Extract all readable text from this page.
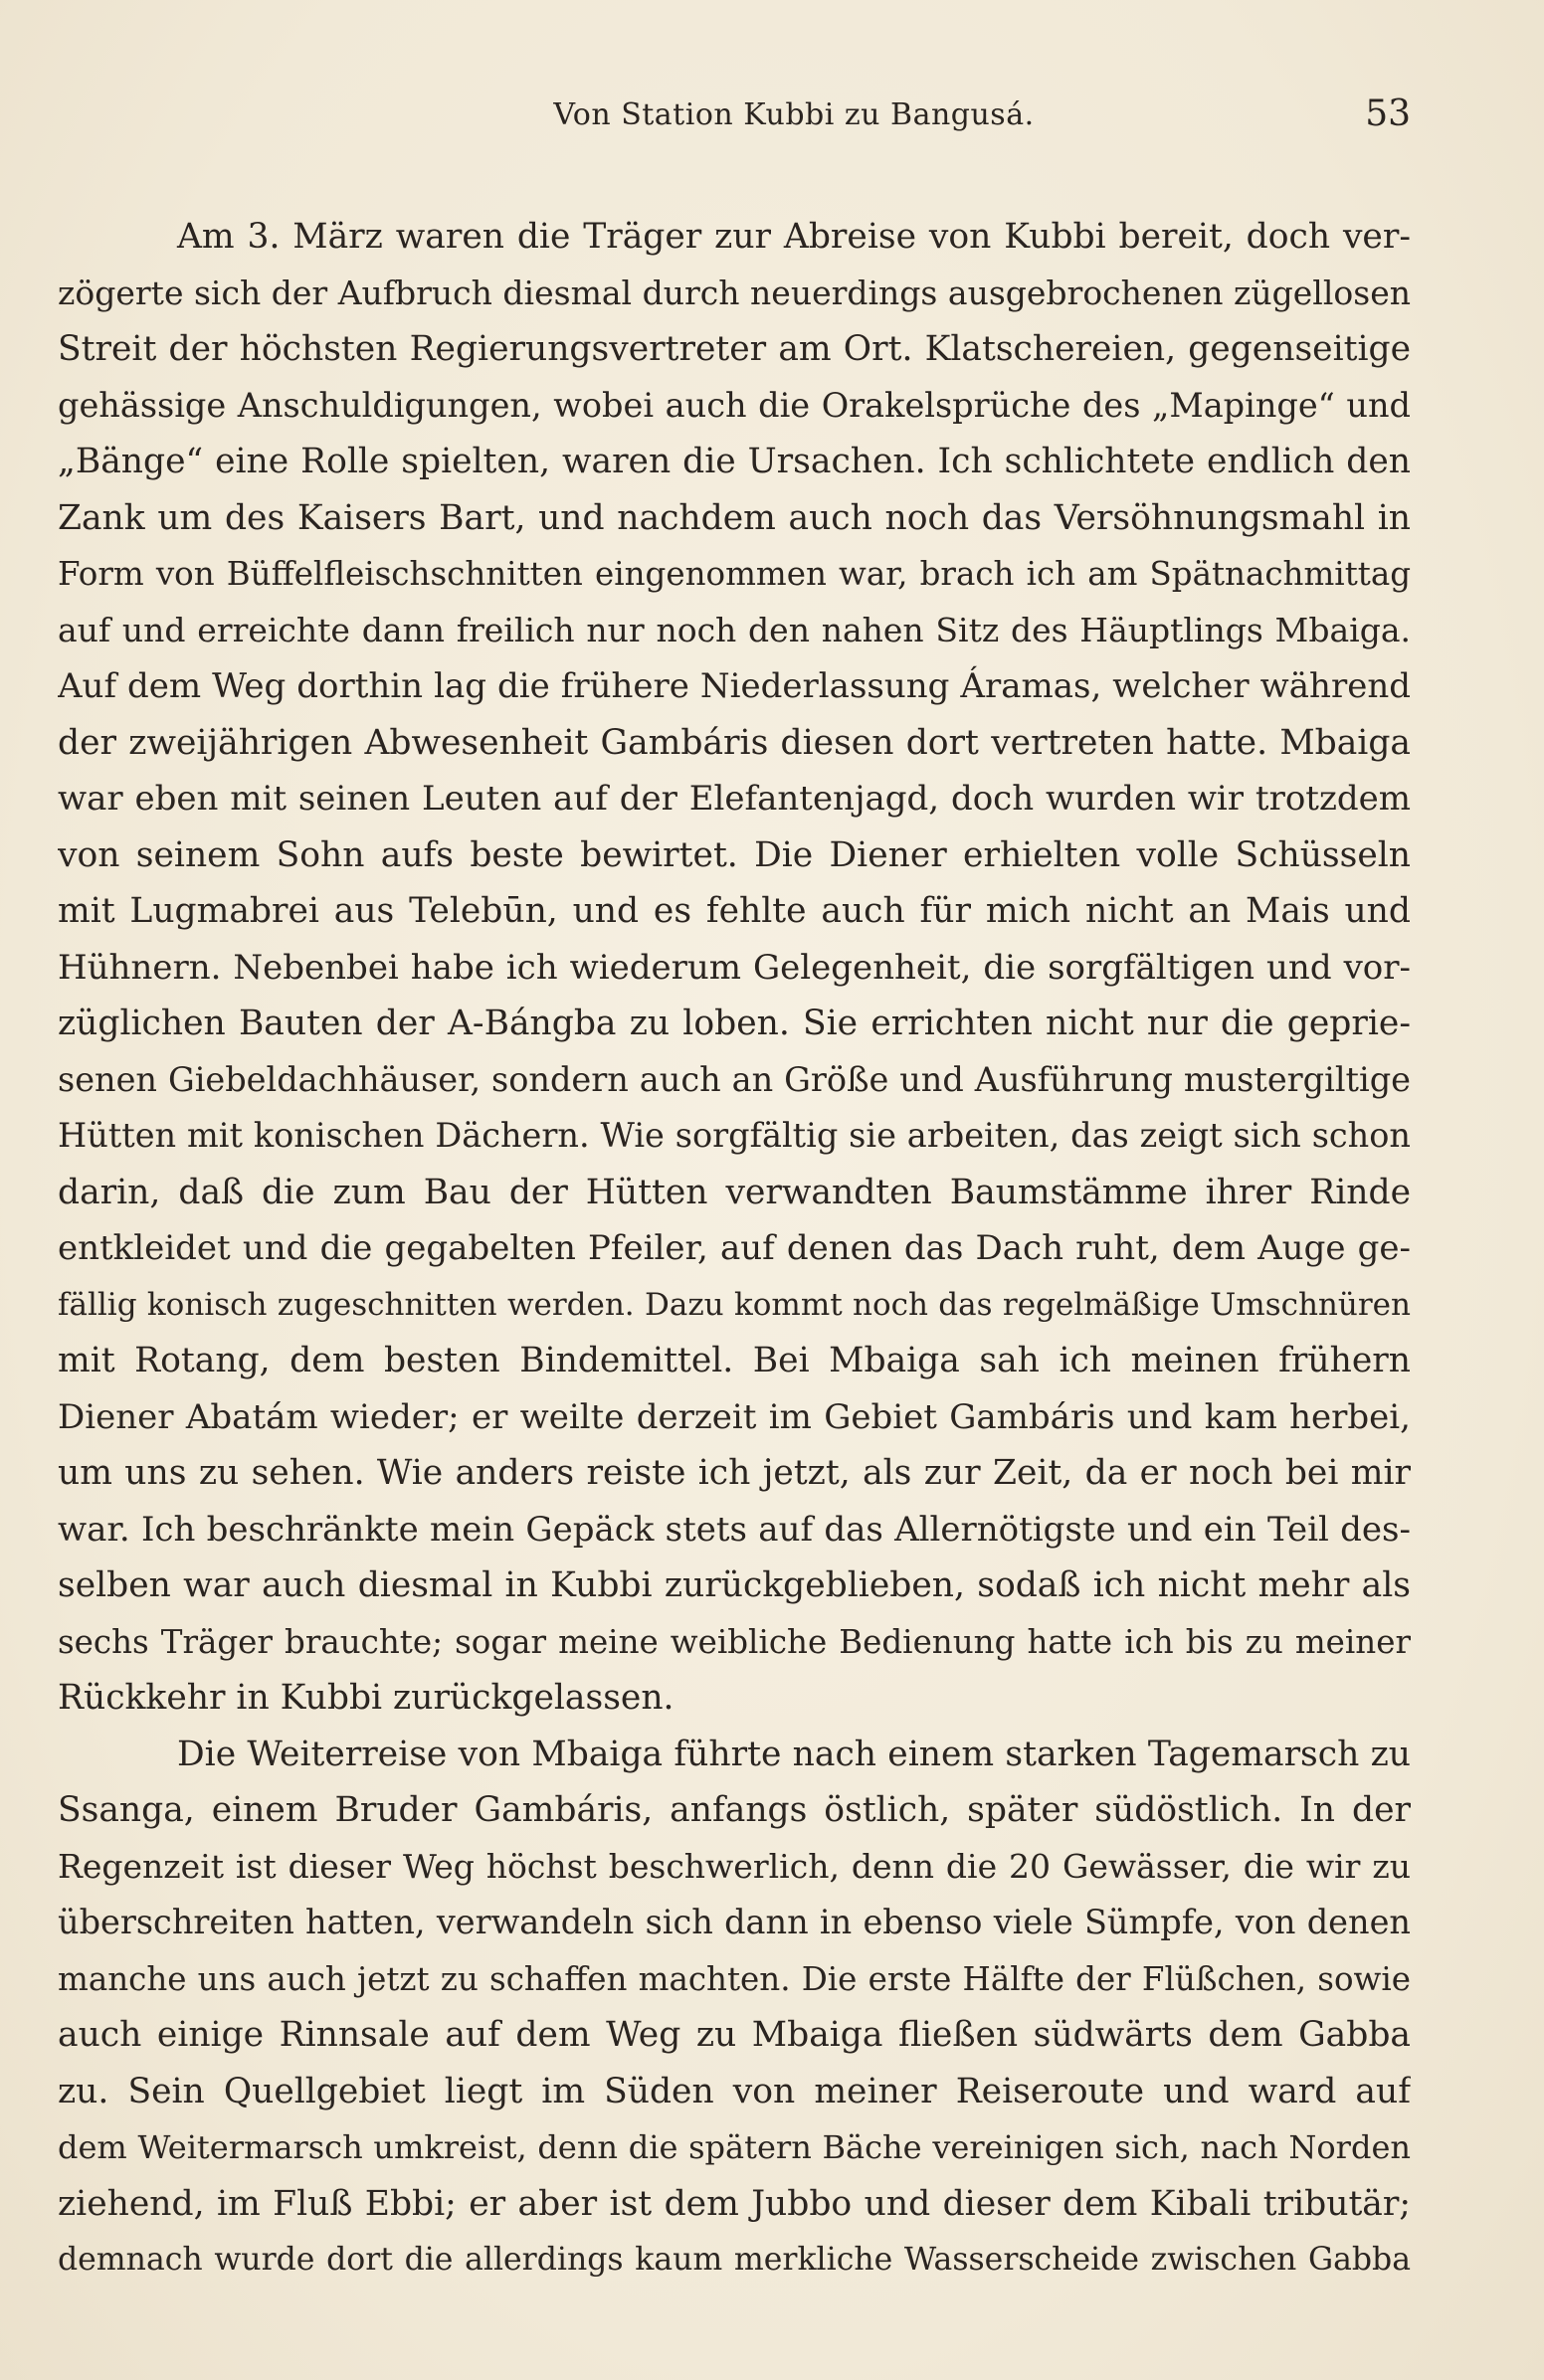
Von Station Kubbi zu Bangusá.	53
Am 3. März waren die Träger zur Abreise von Kubbi bereit, doch ver-
zögerte sich der Aufbruch diesmal durch neuerdings ausgebrochenen zügellosen
Streit der höchsten Regierungsvertreter am Ort. Klatschereien, gegenseitige
gehässige Anschuldigungen, wobei auch die Orakelsprüche des „Mapinge“ und
„Bänge“ eine Rolle spielten, waren die Ursachen. Ich schlichtete endlich den
Zank um des Kaisers Bart, und nachdem auch noch das Versöhnungsmahl in
Form von Büffelfleischschnitten eingenommen war, brach ich am Spätnachmittag
auf und erreichte dann freilich nur noch den nahen Sitz des Häuptlings Mbaiga.
Auf dem Weg dorthin lag die frühere Niederlassung Áramas, welcher während
der zweijährigen Abwesenheit Gambáris diesen dort vertreten hatte. Mbaiga
war eben mit seinen Leuten auf der Elefantenjagd, doch wurden wir trotzdem
von seinem Sohn aufs beste bewirtet. Die Diener erhielten volle Schüsseln
mit Lugmabrei aus Telebūn, und es fehlte auch für mich nicht an Mais und
Hühnern. Nebenbei habe ich wiederum Gelegenheit, die sorgfältigen und vor-
züglichen Bauten der A-Bángba zu loben. Sie errichten nicht nur die geprie-
senen Giebeldachhäuser, sondern auch an Größe und Ausführung mustergiltige
Hütten mit konischen Dächern. Wie sorgfältig sie arbeiten, das zeigt sich schon
darin, daß die zum Bau der Hütten verwandten Baumstämme ihrer Rinde
entkleidet und die gegabelten Pfeiler, auf denen das Dach ruht, dem Auge ge-
fällig konisch zugeschnitten werden. Dazu kommt noch das regelmäßige Umschnüren
mit Rotang, dem besten Bindemittel. Bei Mbaiga sah ich meinen frühern
Diener Abatám wieder; er weilte derzeit im Gebiet Gambáris und kam herbei,
um uns zu sehen. Wie anders reiste ich jetzt, als zur Zeit, da er noch bei mir
war. Ich beschränkte mein Gepäck stets auf das Allernötigste und ein Teil des-
selben war auch diesmal in Kubbi zurückgeblieben, sodaß ich nicht mehr als
sechs Träger brauchte; sogar meine weibliche Bedienung hatte ich bis zu meiner
Rückkehr in Kubbi zurückgelassen.
Die Weiterreise von Mbaiga führte nach einem starken Tagemarsch zu
Ssanga, einem Bruder Gambáris, anfangs östlich, später südöstlich. In der
Regenzeit ist dieser Weg höchst beschwerlich, denn die 20 Gewässer, die wir zu
überschreiten hatten, verwandeln sich dann in ebenso viele Sümpfe, von denen
manche uns auch jetzt zu schaffen machten. Die erste Hälfte der Flüßchen, sowie
auch einige Rinnsale auf dem Weg zu Mbaiga fließen südwärts dem Gabba
zu. Sein Quellgebiet liegt im Süden von meiner Reiseroute und ward auf
dem Weitermarsch umkreist, denn die spätern Bäche vereinigen sich, nach Norden
ziehend, im Fluß Ebbi; er aber ist dem Jubbo und dieser dem Kibali tributär;
demnach wurde dort die allerdings kaum merkliche Wasserscheide zwischen Gabba
